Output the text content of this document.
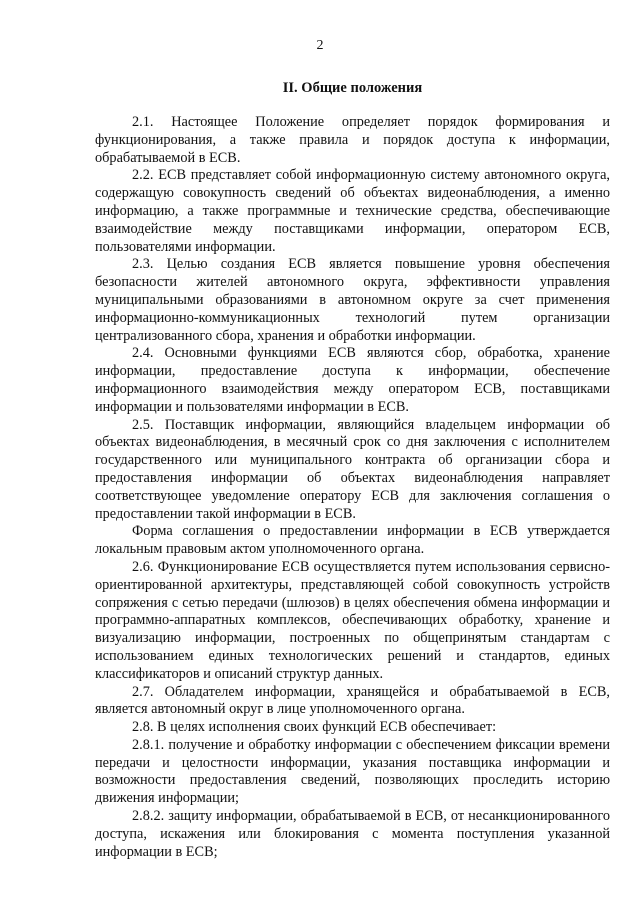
2
II. Общие положения

2.1. Настоящее Положение определяет порядок формирования и функционирования, а также правила и порядок доступа к информации, обрабатываемой в ЕСВ.

2.2. ЕСВ представляет собой информационную систему автономного округа, содержащую совокупность сведений об объектах видеонаблюдения, а именно информацию, а также программные и технические средства, обеспечивающие взаимодействие между поставщиками информации, оператором ЕСВ, пользователями информации.

2.3. Целью создания ЕСВ является повышение уровня обеспечения безопасности жителей автономного округа, эффективности управления муниципальными образованиями в автономном округе за счет применения информационно-коммуникационных технологий путем организации централизованного сбора, хранения и обработки информации.

2.4. Основными функциями ЕСВ являются сбор, обработка, хранение информации, предоставление доступа к информации, обеспечение информационного взаимодействия между оператором ЕСВ, поставщиками информации и пользователями информации в ЕСВ.

2.5. Поставщик информации, являющийся владельцем информации об объектах видеонаблюдения, в месячный срок со дня заключения с исполнителем государственного или муниципального контракта об организации сбора и предоставления информации об объектах видеонаблюдения направляет соответствующее уведомление оператору ЕСВ для заключения соглашения о предоставлении такой информации в ЕСВ.

Форма соглашения о предоставлении информации в ЕСВ утверждается локальным правовым актом уполномоченного органа.

2.6. Функционирование ЕСВ осуществляется путем использования сервисно-ориентированной архитектуры, представляющей собой совокупность устройств сопряжения с сетью передачи (шлюзов) в целях обеспечения обмена информации и программно-аппаратных комплексов, обеспечивающих обработку, хранение и визуализацию информации, построенных по общепринятым стандартам с использованием единых технологических решений и стандартов, единых классификаторов и описаний структур данных.

2.7. Обладателем информации, хранящейся и обрабатываемой в ЕСВ, является автономный округ в лице уполномоченного органа.

2.8. В целях исполнения своих функций ЕСВ обеспечивает:

2.8.1. получение и обработку информации с обеспечением фиксации времени передачи и целостности информации, указания поставщика информации и возможности предоставления сведений, позволяющих проследить историю движения информации;

2.8.2. защиту информации, обрабатываемой в ЕСВ, от несанкционированного доступа, искажения или блокирования с момента поступления указанной информации в ЕСВ;
